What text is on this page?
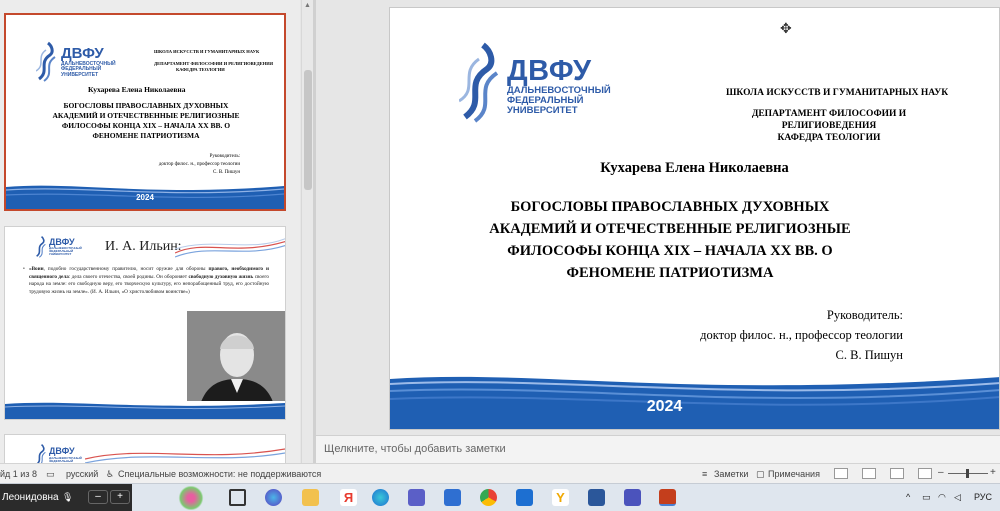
ДВФУ
ДАЛЬНЕВОСТОЧНЫЙ
ФЕДЕРАЛЬНЫЙ
УНИВЕРСИТЕТ
ШКОЛА ИСКУССТВ И ГУМАНИТАРНЫХ НАУК
ДЕПАРТАМЕНТ ФИЛОСОФИИ И РЕЛИГИОВЕДЕНИЯ
КАФЕДРА ТЕОЛОГИИ
Кухарева Елена Николаевна
БОГОСЛОВЫ ПРАВОСЛАВНЫХ ДУХОВНЫХ
АКАДЕМИЙ И ОТЕЧЕСТВЕННЫЕ РЕЛИГИОЗНЫЕ
ФИЛОСОФЫ КОНЦА XIX – НАЧАЛА XX ВВ. О
ФЕНОМЕНЕ ПАТРИОТИЗМА
Руководитель:
доктор филос. н., профессор теологии
С. В. Пишун
2024
ДВФУ
ДАЛЬНЕВОСТОЧНЫЙ
ФЕДЕРАЛЬНЫЙ
УНИВЕРСИТЕТ
И. А. Ильин:
• «Воин, подобно государственному правителю, носит оружие для обороны правого, необходимого и священного дела: дела своего отечества, своей родины. Он обороняет свободную духовную жизнь своего народа на земле: его свободную веру, его творческую культуру, его непорабощенный труд, его достойную трудовую жизнь на земле». (И. А. Ильин, «О христолюбивом воинстве»)
ДВФУ
ДАЛЬНЕВОСТОЧНЫЙ
ФЕДЕРАЛЬНЫЙ
▲
ДВФУ
ДАЛЬНЕВОСТОЧНЫЙ
ФЕДЕРАЛЬНЫЙ
УНИВЕРСИТЕТ
ШКОЛА ИСКУССТВ И ГУМАНИТАРНЫХ НАУК
ДЕПАРТАМЕНТ ФИЛОСОФИИ И РЕЛИГИОВЕДЕНИЯ
КАФЕДРА ТЕОЛОГИИ
Кухарева Елена Николаевна
БОГОСЛОВЫ ПРАВОСЛАВНЫХ ДУХОВНЫХ
АКАДЕМИЙ И ОТЕЧЕСТВЕННЫЕ РЕЛИГИОЗНЫЕ
ФИЛОСОФЫ КОНЦА XIX – НАЧАЛА XX ВВ. О
ФЕНОМЕНЕ ПАТРИОТИЗМА
Руководитель:
доктор филос. н., профессор теологии
С. В. Пишун
2024
✥
Щелкните, чтобы добавить заметки
йд 1 из 8 ▭ русский ♿ Специальные возможности: не поддерживаются	≡ Заметки ▢ Примечания	–	+
Леонидовна 🎙	–	+	Я	Y	^ ▭ ◠ ◁ РУС
